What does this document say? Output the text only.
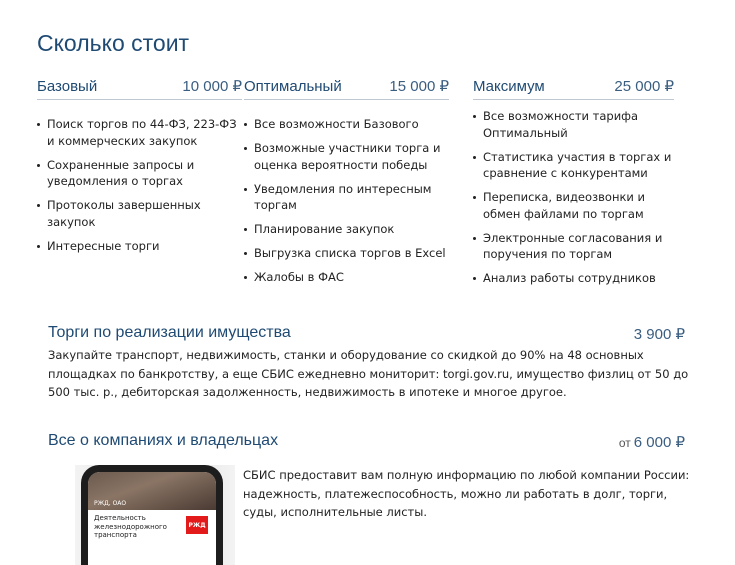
Сколько стоит
Базовый	10 000 ₽
Поиск торгов по 44-ФЗ, 223-ФЗ и коммерческих закупок
Сохраненные запросы и уведомления о торгах
Протоколы завершенных закупок
Интересные торги
Оптимальный	15 000 ₽
Все возможности Базового
Возможные участники торга и оценка вероятности победы
Уведомления по интересным торгам
Планирование закупок
Выгрузка списка торгов в Excel
Жалобы в ФАС
Максимум	25 000 ₽
Все возможности тарифа Оптимальный
Статистика участия в торгах и сравнение с конкурентами
Переписка, видеозвонки и обмен файлами по торгам
Электронные согласования и поручения по торгам
Анализ работы сотрудников
Торги по реализации имущества	3 900 ₽
Закупайте транспорт, недвижимость, станки и оборудование со скидкой до 90% на 48 основных площадках по банкротству, а еще СБИС ежедневно мониторит: torgi.gov.ru, имущество физлиц от 50 до 500 тыс. р., дебиторская задолженность, недвижимость в ипотеке и многое другое.
Все о компаниях и владельцах	от 6 000 ₽
СБИС предоставит вам полную информацию по любой компании России: надежность, платежеспособность, можно ли работать в долг, торги, суды, исполнительные листы.
РЖД, ОАО
Деятельность железнодорожного транспорта
РЖД
